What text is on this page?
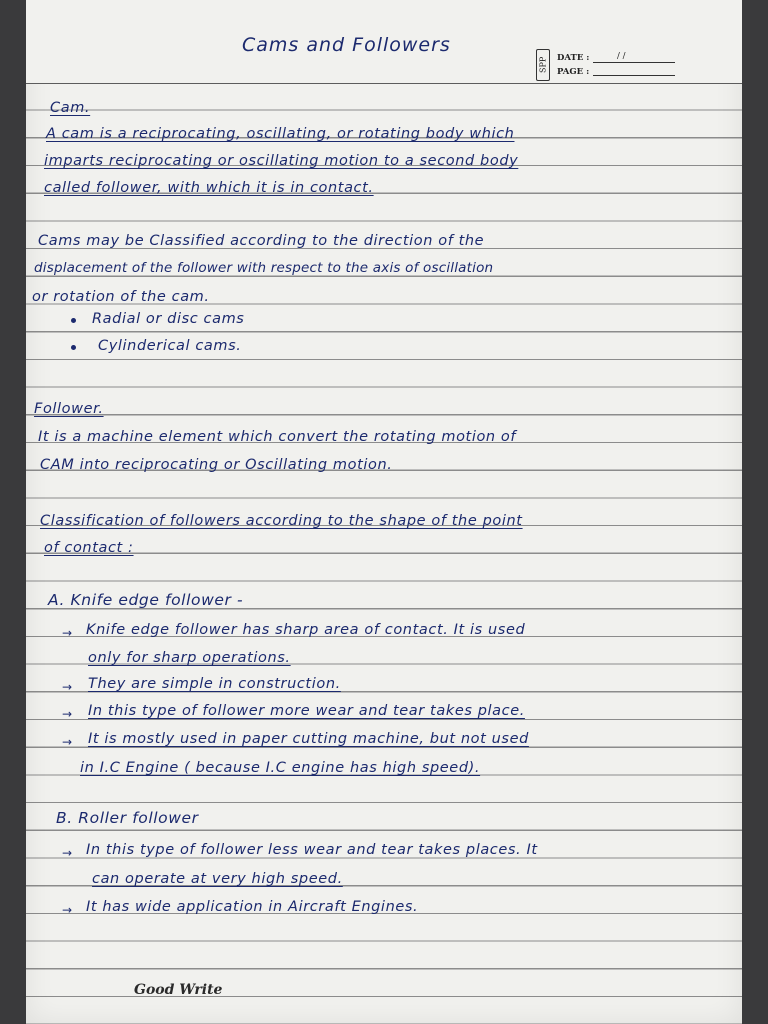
Cams and Followers
SPP DATE :	/ /
PAGE :
Cam.
A cam is a reciprocating, oscillating, or rotating body which
imparts reciprocating or oscillating motion to a second body
called follower, with which it is in contact.
Cams may be Classified according to the direction of the
displacement of the follower with respect to the axis of oscillation
or rotation of the cam.
Radial or disc cams
Cylinderical cams.
Follower.
It is a machine element which convert the rotating motion of
CAM into reciprocating or Oscillating motion.
Classification of followers according to the shape of the point
of contact :
A. Knife edge follower -
→ Knife edge follower has sharp area of contact. It is used
only for sharp operations.
→ They are simple in construction.
→ In this type of follower more wear and tear takes place.
→ It is mostly used in paper cutting machine, but not used
in I.C Engine ( because I.C engine has high speed).
B. Roller follower
→ In this type of follower less wear and tear takes places. It
can operate at very high speed.
→ It has wide application in Aircraft Engines.
Good Write
